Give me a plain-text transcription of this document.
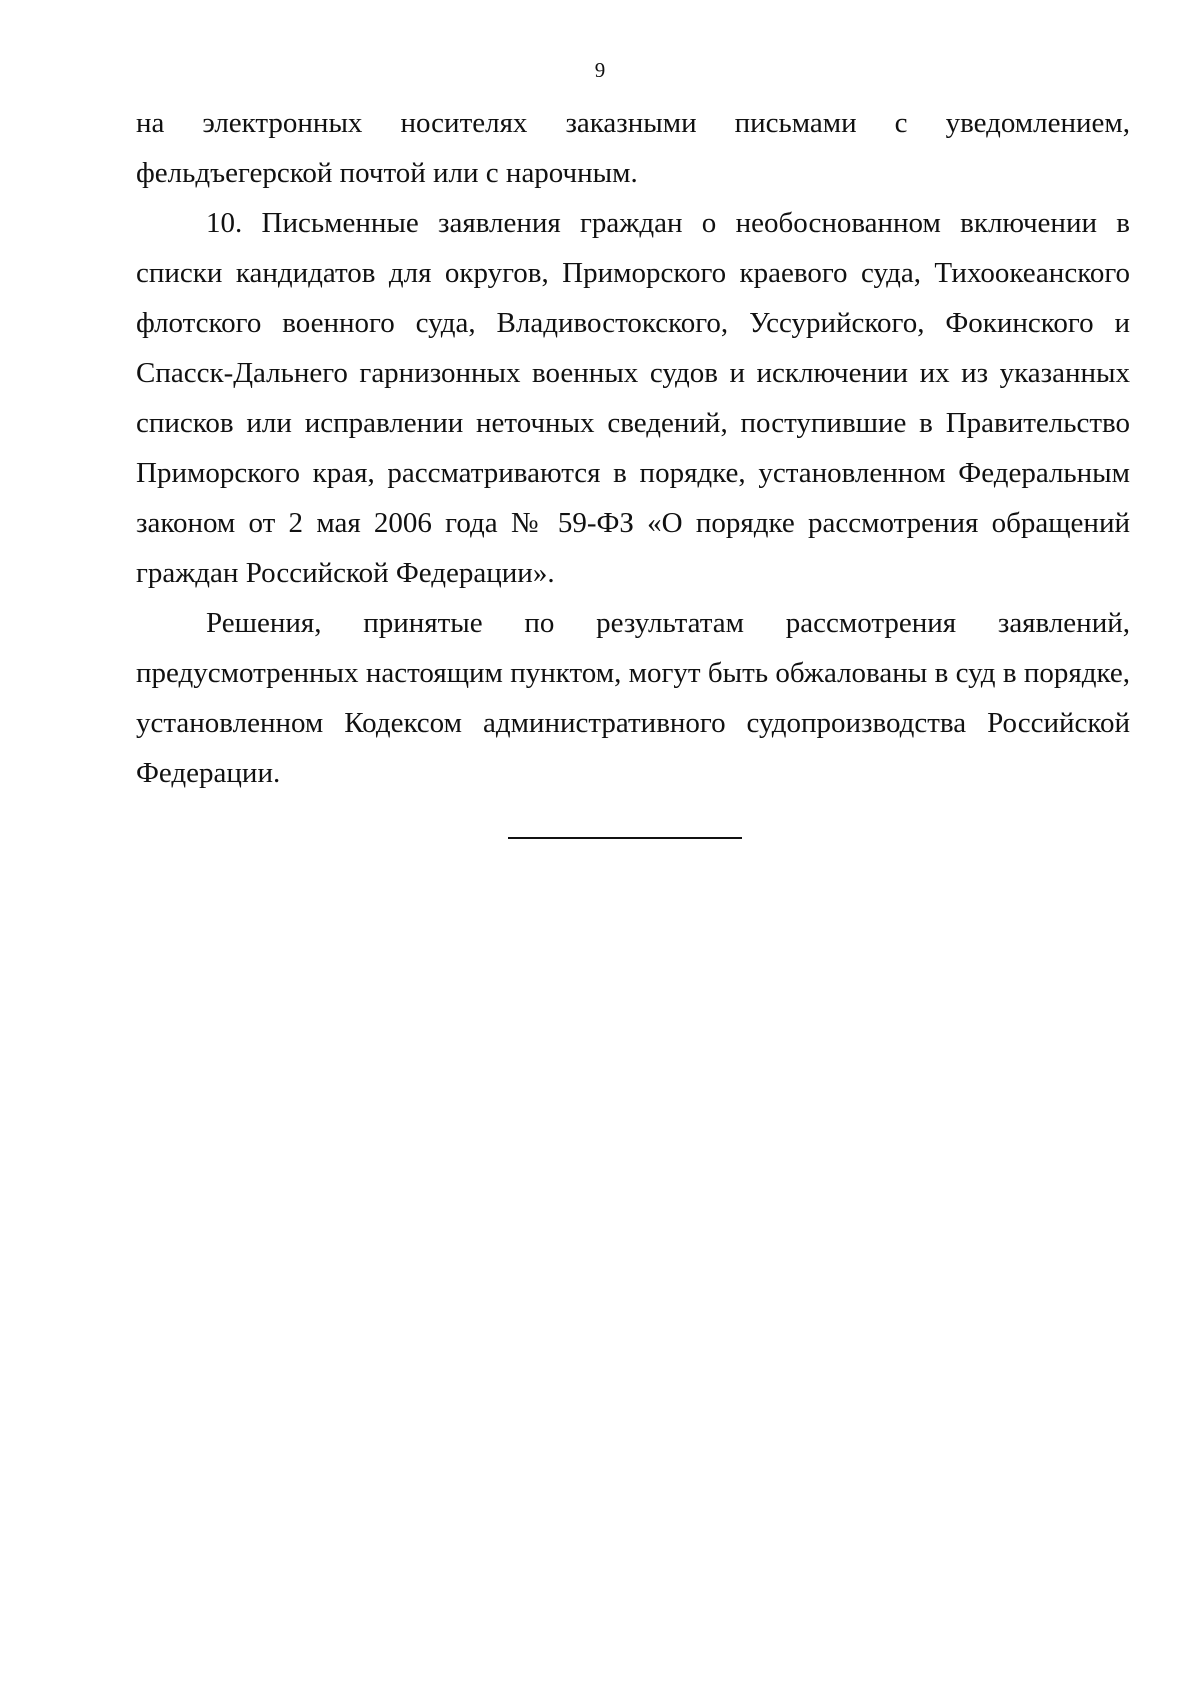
9

на электронных носителях заказными письмами с уведомлением, фельдъегерской почтой или с нарочным.

10. Письменные заявления граждан о необоснованном включении в списки кандидатов для округов, Приморского краевого суда, Тихоокеанского флотского военного суда, Владивостокского, Уссурийского, Фокинского и Спасск-Дальнего гарнизонных военных судов и исключении их из указанных списков или исправлении неточных сведений, поступившие в Правительство Приморского края, рассматриваются в порядке, установленном Федеральным законом от 2 мая 2006 года № 59-ФЗ «О порядке рассмотрения обращений граждан Российской Федерации».

Решения, принятые по результатам рассмотрения заявлений, предусмотренных настоящим пунктом, могут быть обжалованы в суд в порядке, установленном Кодексом административного судопроизводства Российской Федерации.
